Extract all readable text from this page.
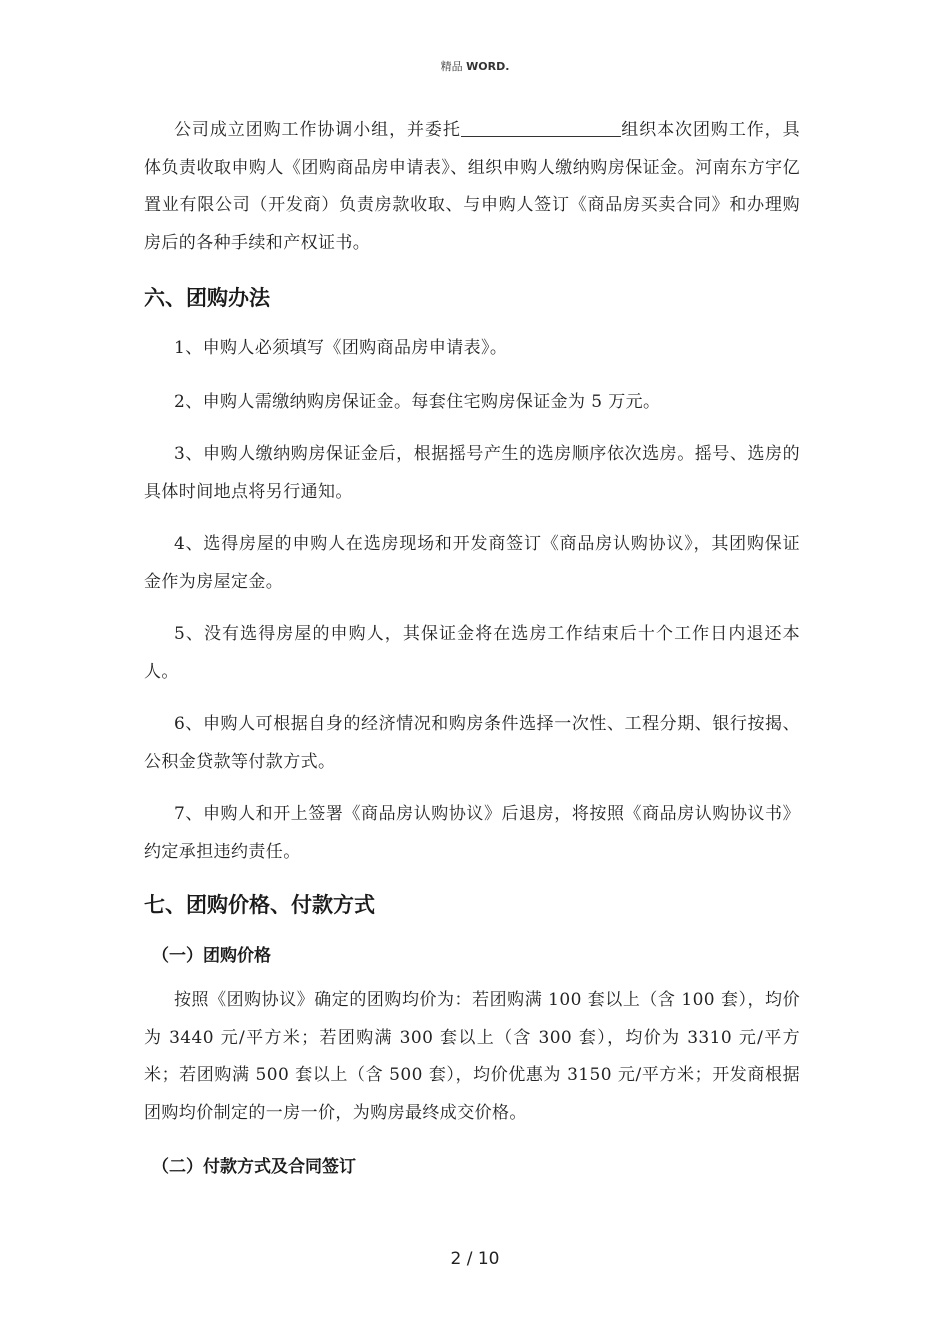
精品 WORD.

公司成立团购工作协调小组，并委托	组织本次团购工作，具体负责收取申购人《团购商品房申请表》、组织申购人缴纳购房保证金。河南东方宇亿置业有限公司（开发商）负责房款收取、与申购人签订《商品房买卖合同》和办理购房后的各种手续和产权证书。

六、团购办法

1、申购人必须填写《团购商品房申请表》。

2、申购人需缴纳购房保证金。每套住宅购房保证金为 5 万元。

3、申购人缴纳购房保证金后，根据摇号产生的选房顺序依次选房。摇号、选房的具体时间地点将另行通知。

4、选得房屋的申购人在选房现场和开发商签订《商品房认购协议》，其团购保证金作为房屋定金。

5、没有选得房屋的申购人，其保证金将在选房工作结束后十个工作日内退还本人。

6、申购人可根据自身的经济情况和购房条件选择一次性、工程分期、银行按揭、公积金贷款等付款方式。

7、申购人和开上签署《商品房认购协议》后退房，将按照《商品房认购协议书》约定承担违约责任。

七、团购价格、付款方式
（一）团购价格

按照《团购协议》确定的团购均价为：若团购满 100 套以上（含 100 套），均价为 3440 元/平方米；若团购满 300 套以上（含 300 套），均价为 3310 元/平方米；若团购满 500 套以上（含 500 套），均价优惠为 3150 元/平方米；开发商根据团购均价制定的一房一价，为购房最终成交价格。

（二）付款方式及合同签订
2 / 10
